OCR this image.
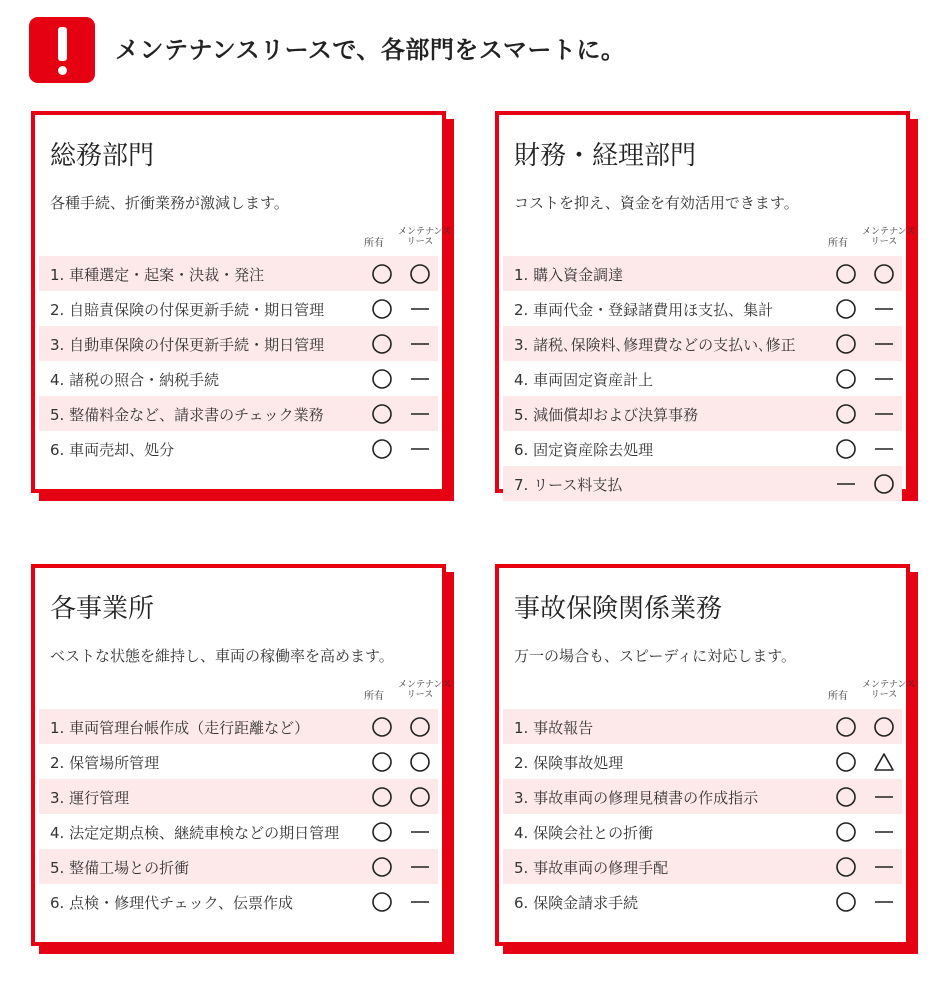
メンテナンスリースで、各部門をスマートに。
総務部門
各種手続、折衝業務が激減します。
所有
メンテナンス
リース
1. 車種選定・起案・決裁・発注
2. 自賠責保険の付保更新手続・期日管理
3. 自動車保険の付保更新手続・期日管理
4. 諸税の照合・納税手続
5. 整備料金など、請求書のチェック業務
6. 車両売却、処分
財務・経理部門
コストを抑え、資金を有効活用できます。
所有
メンテナンス
リース
1. 購入資金調達
2. 車両代金・登録諸費用ほ支払、集計
3. 諸税､保険料､修理費などの支払い､修正
4. 車両固定資産計上
5. 減価償却および決算事務
6. 固定資産除去処理
7. リース料支払
各事業所
ベストな状態を維持し、車両の稼働率を高めます。
所有
メンテナンス
リース
1. 車両管理台帳作成（走行距離など）
2. 保管場所管理
3. 運行管理
4. 法定定期点検、継続車検などの期日管理
5. 整備工場との折衝
6. 点検・修理代チェック、伝票作成
事故保険関係業務
万一の場合も、スピーディに対応します。
所有
メンテナンス
リース
1. 事故報告
2. 保険事故処理
3. 事故車両の修理見積書の作成指示
4. 保険会社との折衝
5. 事故車両の修理手配
6. 保険金請求手続
